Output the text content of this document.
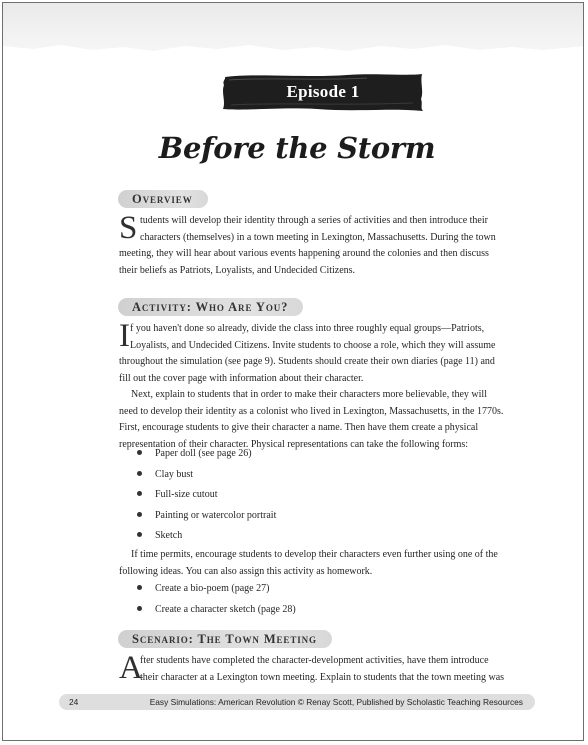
Episode 1
Before the Storm
Overview
S tudents will develop their identity through a series of activities and then introduce their
characters (themselves) in a town meeting in Lexington, Massachusetts. During the town
meeting, they will hear about various events happening around the colonies and then discuss
their beliefs as Patriots, Loyalists, and Undecided Citizens.
Activity: Who Are You?
I f you haven't done so already, divide the class into three roughly equal groups—Patriots,
Loyalists, and Undecided Citizens. Invite students to choose a role, which they will assume
throughout the simulation (see page 9). Students should create their own diaries (page 11) and
fill out the cover page with information about their character.
Next, explain to students that in order to make their characters more believable, they will
need to develop their identity as a colonist who lived in Lexington, Massachusetts, in the 1770s.
First, encourage students to give their character a name. Then have them create a physical
representation of their character. Physical representations can take the following forms:
Paper doll (see page 26)
Clay bust
Full-size cutout
Painting or watercolor portrait
Sketch
If time permits, encourage students to develop their characters even further using one of the
following ideas. You can also assign this activity as homework.
Create a bio-poem (page 27)
Create a character sketch (page 28)
Scenario: The Town Meeting
A
fter students have completed the character-development activities, have them introduce
their character at a Lexington town meeting. Explain to students that the town meeting was
24	Easy Simulations: American Revolution © Renay Scott, Published by Scholastic Teaching Resources
